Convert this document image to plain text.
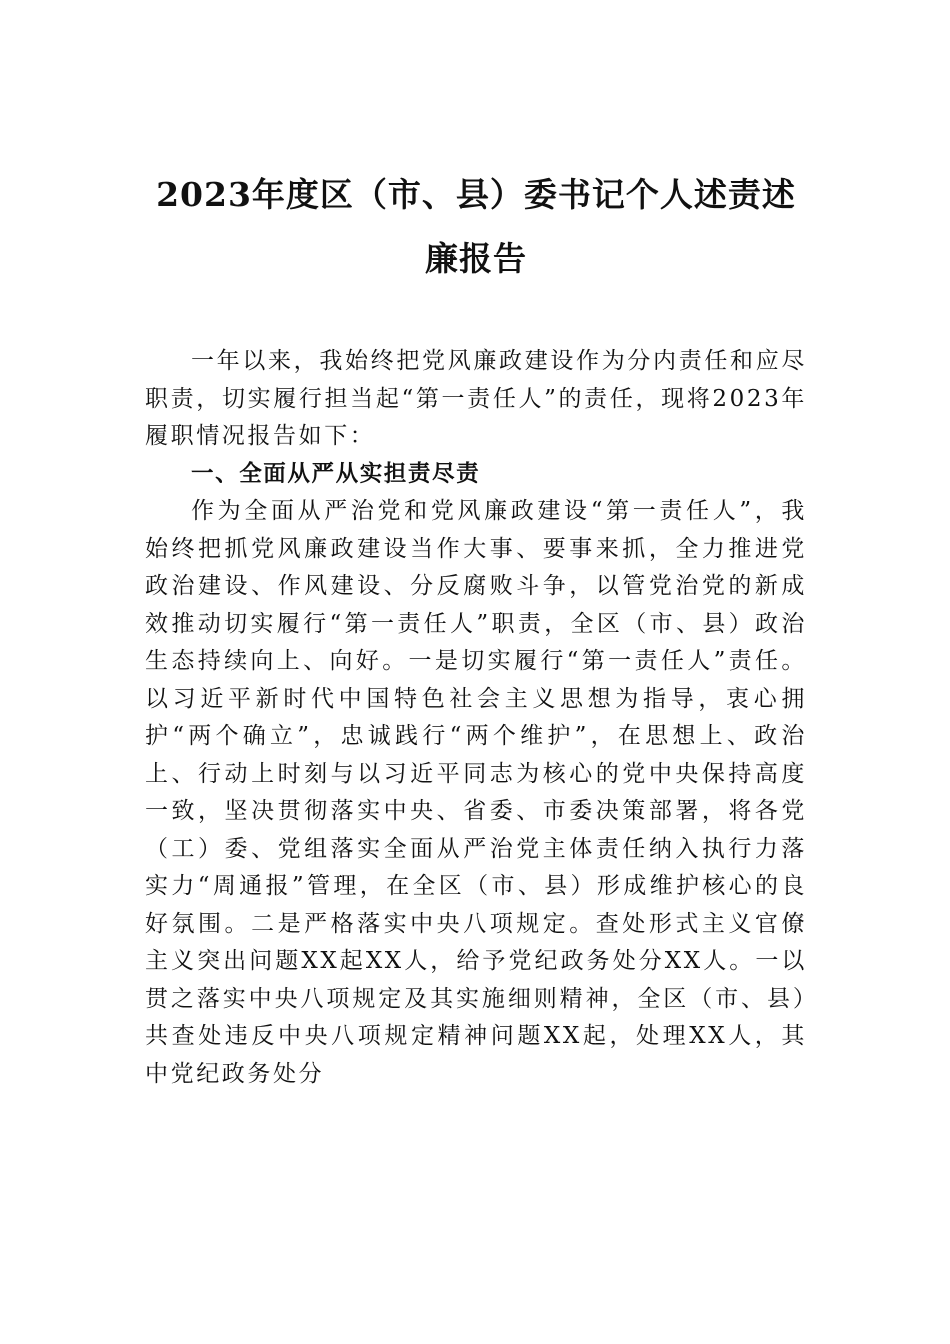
2023年度区（市、县）委书记个人述责述廉报告

一年以来，我始终把党风廉政建设作为分内责任和应尽职责，切实履行担当起“第一责任人”的责任，现将2023年履职情况报告如下：

一、全面从严从实担责尽责

作为全面从严治党和党风廉政建设“第一责任人”，我始终把抓党风廉政建设当作大事、要事来抓，全力推进党政治建设、作风建设、分反腐败斗争，以管党治党的新成效推动切实履行“第一责任人”职责，全区（市、县）政治生态持续向上、向好。一是切实履行“第一责任人”责任。以习近平新时代中国特色社会主义思想为指导，衷心拥护“两个确立”，忠诚践行“两个维护”，在思想上、政治上、行动上时刻与以习近平同志为核心的党中央保持高度一致，坚决贯彻落实中央、省委、市委决策部署，将各党（工）委、党组落实全面从严治党主体责任纳入执行力落实力“周通报”管理，在全区（市、县）形成维护核心的良好氛围。二是严格落实中央八项规定。查处形式主义官僚主义突出问题XX起XX人，给予党纪政务处分XX人。一以贯之落实中央八项规定及其实施细则精神，全区（市、县）共查处违反中央八项规定精神问题XX起，处理XX人，其中党纪政务处分
